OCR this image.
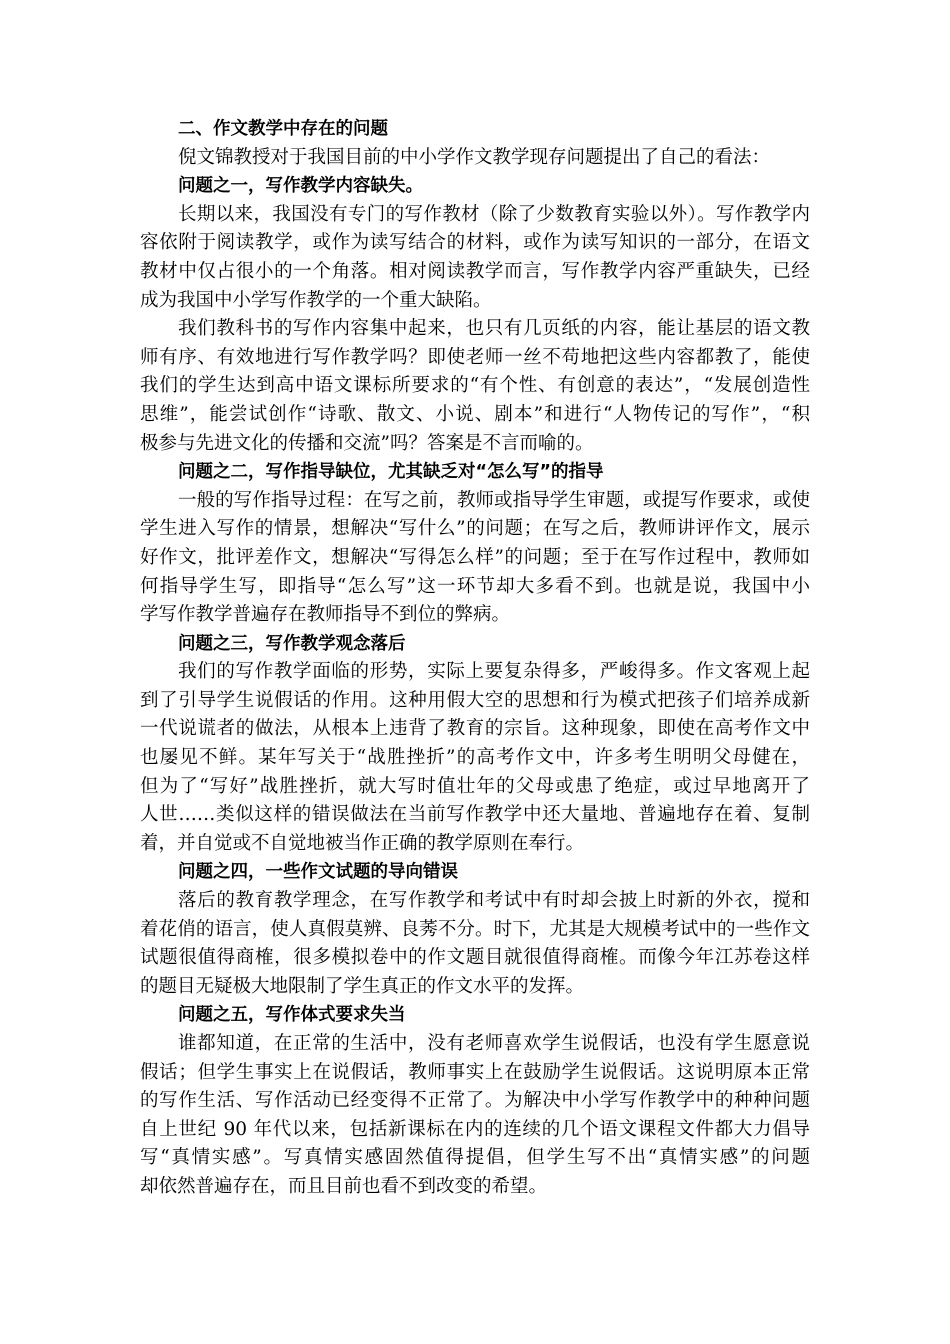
二、作文教学中存在的问题
倪文锦教授对于我国目前的中小学作文教学现存问题提出了自己的看法：
问题之一，写作教学内容缺失。
长期以来，我国没有专门的写作教材（除了少数教育实验以外）。写作教学内
容依附于阅读教学，或作为读写结合的材料，或作为读写知识的一部分，在语文
教材中仅占很小的一个角落。相对阅读教学而言，写作教学内容严重缺失，已经
成为我国中小学写作教学的一个重大缺陷。
我们教科书的写作内容集中起来，也只有几页纸的内容，能让基层的语文教
师有序、有效地进行写作教学吗？即使老师一丝不苟地把这些内容都教了，能使
我们的学生达到高中语文课标所要求的“有个性、有创意的表达”，“发展创造性
思维”，能尝试创作“诗歌、散文、小说、剧本”和进行“人物传记的写作”，“积
极参与先进文化的传播和交流”吗？答案是不言而喻的。
问题之二，写作指导缺位，尤其缺乏对“怎么写”的指导
一般的写作指导过程：在写之前，教师或指导学生审题，或提写作要求，或使
学生进入写作的情景，想解决“写什么”的问题；在写之后，教师讲评作文，展示
好作文，批评差作文，想解决“写得怎么样”的问题；至于在写作过程中，教师如
何指导学生写，即指导“怎么写”这一环节却大多看不到。也就是说，我国中小
学写作教学普遍存在教师指导不到位的弊病。
问题之三，写作教学观念落后
我们的写作教学面临的形势，实际上要复杂得多，严峻得多。作文客观上起
到了引导学生说假话的作用。这种用假大空的思想和行为模式把孩子们培养成新
一代说谎者的做法，从根本上违背了教育的宗旨。这种现象，即使在高考作文中
也屡见不鲜。某年写关于“战胜挫折”的高考作文中，许多考生明明父母健在，
但为了“写好”战胜挫折，就大写时值壮年的父母或患了绝症，或过早地离开了
人世……类似这样的错误做法在当前写作教学中还大量地、普遍地存在着、复制
着，并自觉或不自觉地被当作正确的教学原则在奉行。
问题之四，一些作文试题的导向错误
落后的教育教学理念，在写作教学和考试中有时却会披上时新的外衣，搅和
着花俏的语言，使人真假莫辨、良莠不分。时下，尤其是大规模考试中的一些作文
试题很值得商榷，很多模拟卷中的作文题目就很值得商榷。而像今年江苏卷这样
的题目无疑极大地限制了学生真正的作文水平的发挥。
问题之五，写作体式要求失当
谁都知道，在正常的生活中，没有老师喜欢学生说假话，也没有学生愿意说
假话；但学生事实上在说假话，教师事实上在鼓励学生说假话。这说明原本正常
的写作生活、写作活动已经变得不正常了。为解决中小学写作教学中的种种问题
自上世纪 90 年代以来，包括新课标在内的连续的几个语文课程文件都大力倡导
写“真情实感”。写真情实感固然值得提倡，但学生写不出“真情实感”的问题
却依然普遍存在，而且目前也看不到改变的希望。
